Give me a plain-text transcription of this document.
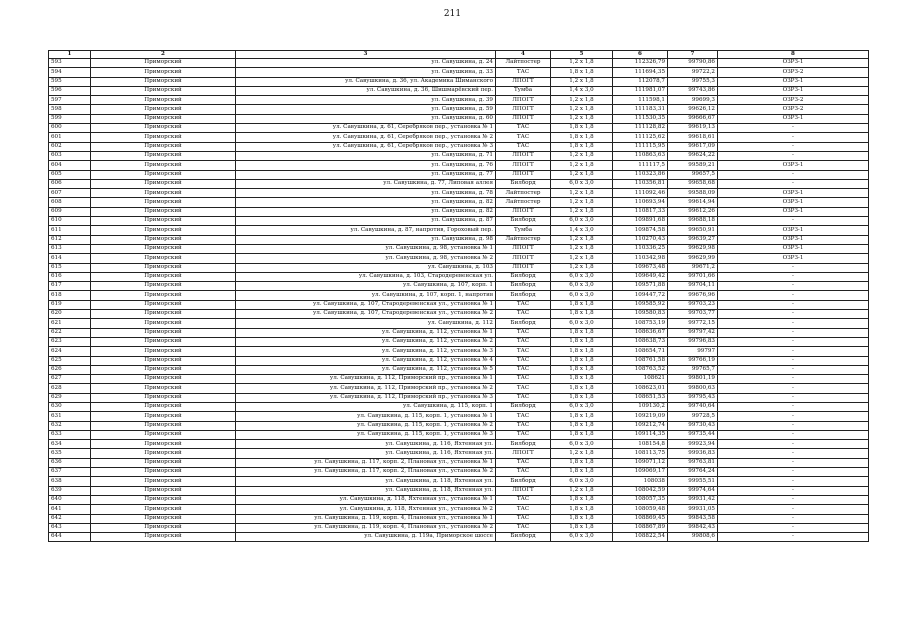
211
1	2	3	4	5	6	7	8
593	Приморский	ул. Савушкина, д. 24	Лайтпостер	1,2 x 1,8	112326,79	99790,86	ОЗРЗ-1
594	Приморский	ул. Савушкина, д. 33	ТАС	1,8 x 1,8	111694,35	99722,2	ОЗРЗ-2
595	Приморский	ул. Савушкина, д. 36, ул. Академика Шиманского	ЛПОГТ	1,2 x 1,8	112078,7	99755,3	ОЗРЗ-1
596	Приморский	ул. Савушкина, д. 36, Шишмарёвский пер.	Тумба	1,4 x 3,0	111981,07	99743,86	ОЗРЗ-1
597	Приморский	ул. Савушкина, д. 39	ЛПОГТ	1,2 x 1,8	111598,1	99699,3	ОЗРЗ-2
598	Приморский	ул. Савушкина, д. 59	ЛПОГТ	1,2 x 1,8	111183,31	99626,12	ОЗРЗ-2
599	Приморский	ул. Савушкина, д. 60	ЛПОГТ	1,2 x 1,8	111530,35	99666,67	ОЗРЗ-1
600	Приморский	ул. Савушкина, д. 61, Серебряков пер., установка № 1	ТАС	1,8 x 1,8	111128,82	99619,13	-
601	Приморский	ул. Савушкина, д. 61, Серебряков пер., установка № 2	ТАС	1,8 x 1,8	111125,62	99618,61	-
602	Приморский	ул. Савушкина, д. 61, Серебряков пер., установка № 3	ТАС	1,8 x 1,8	111115,95	99617,09	-
603	Приморский	ул. Савушкина, д. 71	ЛПОГТ	1,2 x 1,8	110863,63	99624,22	-
604	Приморский	ул. Савушкина, д. 76	ЛПОГТ	1,2 x 1,8	111117,5	99589,21	ОЗРЗ-1
605	Приморский	ул. Савушкина, д. 77	ЛПОГТ	1,2 x 1,8	110323,86	99657,5	-
606	Приморский	ул. Савушкина, д. 77, Липовая аллея	Билборд	6,0 x 3,0	110356,81	99658,68	-
607	Приморский	ул. Савушкина, д. 78	Лайтпостер	1,2 x 1,8	111092,46	99588,09	ОЗРЗ-1
608	Приморский	ул. Савушкина, д. 82	Лайтпостер	1,2 x 1,8	110693,94	99614,94	ОЗРЗ-1
609	Приморский	ул. Савушкина, д. 82	ЛПОГТ	1,2 x 1,8	110817,33	99612,26	ОЗРЗ-1
610	Приморский	ул. Савушкина, д. 87	Билборд	6,0 x 3,0	109891,68	99688,18	-
611	Приморский	ул. Савушкина, д. 87, напротив, Гороховый пер.	Тумба	1,4 x 3,0	109874,58	99650,91	ОЗРЗ-1
612	Приморский	ул. Савушкина, д. 98	Лайтпостер	1,2 x 1,8	110270,43	99639,27	ОЗРЗ-1
613	Приморский	ул. Савушкина, д. 98, установка № 1	ЛПОГТ	1,2 x 1,8	110336,25	99629,98	ОЗРЗ-1
614	Приморский	ул. Савушкина, д. 98, установка № 2	ЛПОГТ	1,2 x 1,8	110342,98	99629,99	ОЗРЗ-1
615	Приморский	ул. Савушкина, д. 103	ЛПОГТ	1,2 x 1,8	109673,48	99671,2	-
616	Приморский	ул. Савушкина, д. 103, Стародеревенская ул.	Билборд	6,0 x 3,0	109649,42	99701,66	-
617	Приморский	ул. Савушкина, д. 107, корп. 1	Билборд	6,0 x 3,0	109571,88	99704,11	-
618	Приморский	ул. Савушкина, д. 107, корп. 1, напротив	Билборд	6,0 x 3,0	109447,72	99676,96	-
619	Приморский	ул. Савушкина, д. 107, Стародеревенская ул., установка № 1	ТАС	1,8 x 1,8	109585,92	99703,23	-
620	Приморский	ул. Савушкина, д. 107, Стародеревенская ул., установка № 2	ТАС	1,8 x 1,8	109580,83	99703,77	-
621	Приморский	ул. Савушкина, д. 112	Билборд	6,0 x 3,0	108753,19	99772,15	-
622	Приморский	ул. Савушкина, д. 112, установка № 1	ТАС	1,8 x 1,8	108636,67	99797,42	-
623	Приморский	ул. Савушкина, д. 112, установка № 2	ТАС	1,8 x 1,8	108638,73	99796,83	-
624	Приморский	ул. Савушкина, д. 112, установка № 3	ТАС	1,8 x 1,8	108654,71	99797	-
625	Приморский	ул. Савушкина, д. 112, установка № 4	ТАС	1,8 x 1,8	108761,58	99766,19	-
626	Приморский	ул. Савушкина, д. 112, установка № 5	ТАС	1,8 x 1,8	108763,52	99765,7	-
627	Приморский	ул. Савушкина, д. 112, Приморский пр., установка № 1	ТАС	1,8 x 1,8	108621	99801,19	-
628	Приморский	ул. Савушкина, д. 112, Приморский пр., установка № 2	ТАС	1,8 x 1,8	108623,01	99800,63	-
629	Приморский	ул. Савушкина, д. 112, Приморский пр., установка № 3	ТАС	1,8 x 1,8	108651,53	99795,43	-
630	Приморский	ул. Савушкина, д. 115, корп. 1	Билборд	6,0 x 3,0	109130,2	99740,64	-
631	Приморский	ул. Савушкина, д. 115, корп. 1, установка № 1	ТАС	1,8 x 1,8	109219,09	99728,5	-
632	Приморский	ул. Савушкина, д. 115, корп. 1, установка № 2	ТАС	1,8 x 1,8	109212,74	99730,43	-
633	Приморский	ул. Савушкина, д. 115, корп. 1, установка № 3	ТАС	1,8 x 1,8	109114,35	99735,44	-
634	Приморский	ул. Савушкина, д. 116, Яхтенная ул.	Билборд	6,0 x 3,0	108154,8	99923,94	-
635	Приморский	ул. Савушкина, д. 116, Яхтенная ул.	ЛПОГТ	1,2 x 1,8	108113,75	99936,83	-
636	Приморский	ул. Савушкина, д. 117, корп. 2, Плановая ул., установка № 1	ТАС	1,8 x 1,8	109071,12	99763,81	-
637	Приморский	ул. Савушкина, д. 117, корп. 2, Плановая ул., установка № 2	ТАС	1,8 x 1,8	109069,17	99764,24	-
638	Приморский	ул. Савушкина, д. 118, Яхтенная ул.	Билборд	6,0 x 3,0	108038	99955,51	-
639	Приморский	ул. Савушкина, д. 118, Яхтенная ул.	ЛПОГТ	1,2 x 1,8	108042,59	99974,64	-
640	Приморский	ул. Савушкина, д. 118, Яхтенная ул., установка № 1	ТАС	1,8 x 1,8	108057,35	99931,42	-
641	Приморский	ул. Савушкина, д. 118, Яхтенная ул., установка № 2	ТАС	1,8 x 1,8	108059,48	99931,05	-
642	Приморский	ул. Савушкина, д. 119, корп. 4, Плановая ул., установка № 1	ТАС	1,8 x 1,8	108869,45	99843,58	-
643	Приморский	ул. Савушкина, д. 119, корп. 4, Плановая ул., установка № 2	ТАС	1,8 x 1,8	108867,89	99842,43	-
644	Приморский	ул. Савушкина, д. 119а, Приморское шоссе	Билборд	6,0 x 3,0	108822,54	99808,6	-
